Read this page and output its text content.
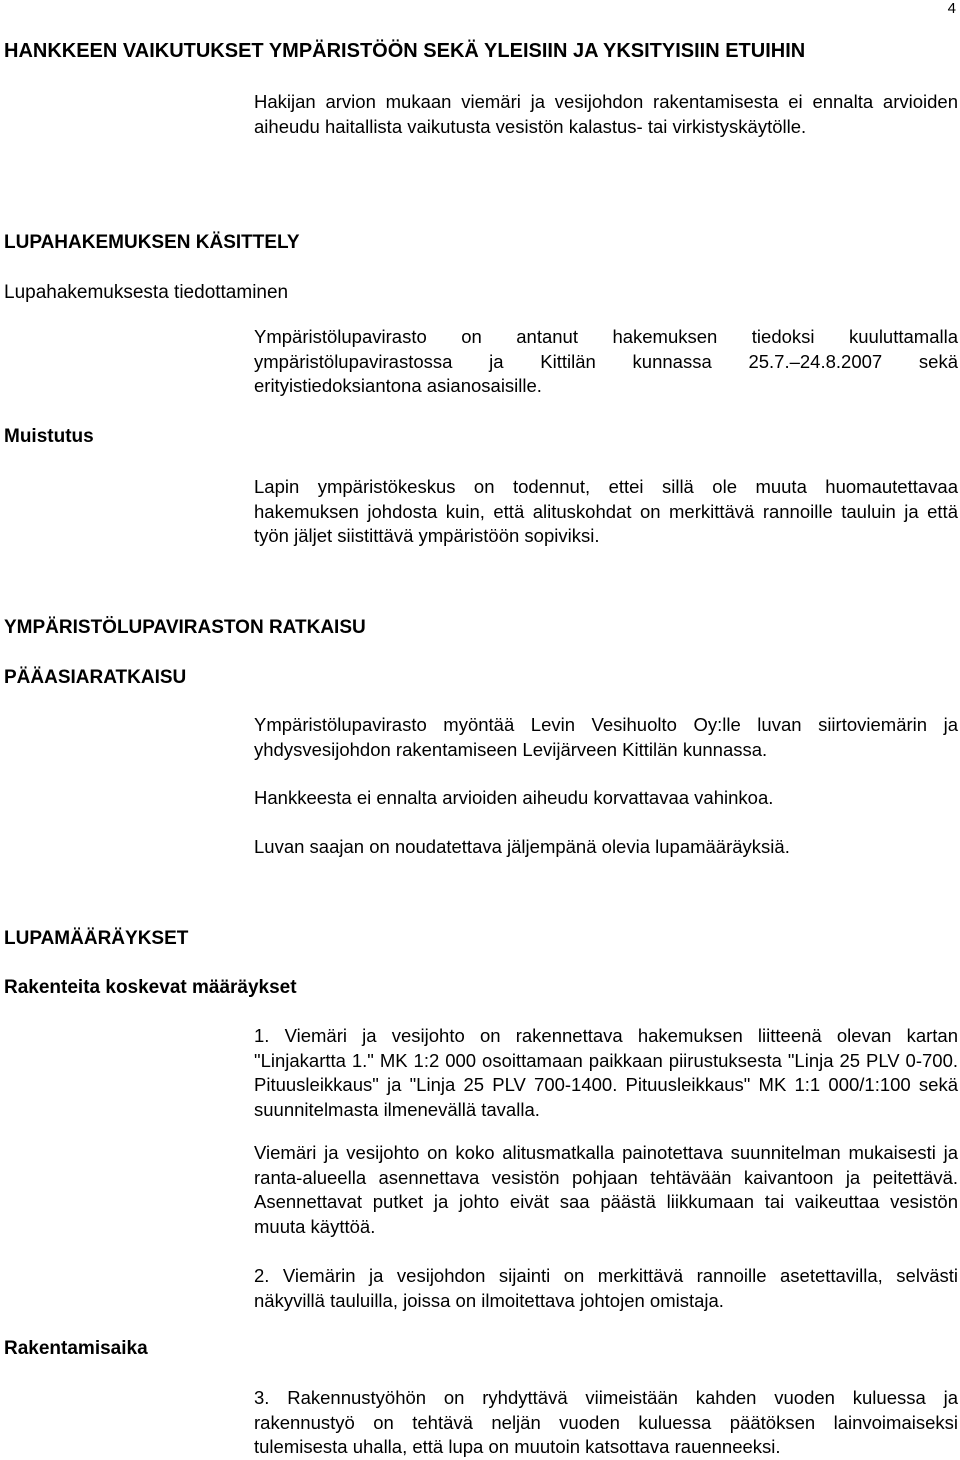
4
HANKKEEN VAIKUTUKSET YMPÄRISTÖÖN SEKÄ YLEISIIN JA YKSITYISIIN ETUIHIN
Hakijan arvion mukaan viemäri ja vesijohdon rakentamisesta ei ennalta arvioiden aiheudu haitallista vaikutusta vesistön kalastus- tai virkistyskäytölle.
LUPAHAKEMUKSEN KÄSITTELY
Lupahakemuksesta tiedottaminen
Ympäristölupavirasto on antanut hakemuksen tiedoksi kuuluttamalla ympäristölupavirastossa ja Kittilän kunnassa 25.7.–24.8.2007 sekä erityistiedoksiantona asianosaisille.
Muistutus
Lapin ympäristökeskus on todennut, ettei sillä ole muuta huomautettavaa hakemuksen johdosta kuin, että alituskohdat on merkittävä rannoille tauluin ja että työn jäljet siistittävä ympäristöön sopiviksi.
YMPÄRISTÖLUPAVIRASTON RATKAISU
PÄÄASIARATKAISU
Ympäristölupavirasto myöntää Levin Vesihuolto Oy:lle luvan siirtoviemärin ja yhdysvesijohdon rakentamiseen Levijärveen Kittilän kunnassa.
Hankkeesta ei ennalta arvioiden aiheudu korvattavaa vahinkoa.
Luvan saajan on noudatettava jäljempänä olevia lupamääräyksiä.
LUPAMÄÄRÄYKSET
Rakenteita koskevat määräykset
1. Viemäri ja vesijohto on rakennettava hakemuksen liitteenä olevan kartan "Linjakartta 1." MK 1:2 000 osoittamaan paikkaan piirustuksesta "Linja 25 PLV 0-700. Pituusleikkaus" ja "Linja 25 PLV 700-1400. Pituusleikkaus" MK 1:1 000/1:100 sekä suunnitelmasta ilmenevällä tavalla.
Viemäri ja vesijohto on koko alitusmatkalla painotettava suunnitelman mukaisesti ja ranta-alueella asennettava vesistön pohjaan tehtävään kaivantoon ja peitettävä. Asennettavat putket ja johto eivät saa päästä liikkumaan tai vaikeuttaa vesistön muuta käyttöä.
2. Viemärin ja vesijohdon sijainti on merkittävä rannoille asetettavilla, selvästi näkyvillä tauluilla, joissa on ilmoitettava johtojen omistaja.
Rakentamisaika
3. Rakennustyöhön on ryhdyttävä viimeistään kahden vuoden kuluessa ja rakennustyö on tehtävä neljän vuoden kuluessa päätöksen lainvoimaiseksi tulemisesta uhalla, että lupa on muutoin katsottava rauenneeksi.
